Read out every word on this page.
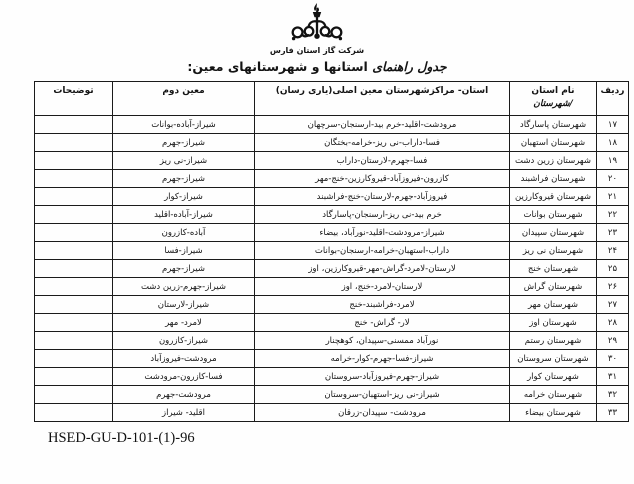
شرکت گاز استان فارس
جدول راهنمای استانها و شهرستانهای معین:
ردیف	نام استان
/شهرستان	استان- مراکزشهرستان معین اصلی(یاری رسان)	معین دوم	توضیحات
۱۷	شهرستان پاسارگاد	مرودشت-اقلید-خرم بید-ارسنجان-سرچهان	شیراز-آباده-بوانات	
۱۸	شهرستان استهبان	فسا-داراب-نی ریز-خرامه-بختگان	شیراز-جهرم	
۱۹	شهرستان زرین دشت	فسا-جهرم-لارستان-داراب	شیراز-نی ریز	
۲۰	شهرستان فراشبند	کازرون-فیروزآباد-قیروکارزین-خنج-مهر	شیراز-جهرم	
۲۱	شهرستان قیروکارزین	فیروزآباد-جهرم-لارستان-خنج-فراشبند	شیراز-کوار	
۲۲	شهرستان بوانات	خرم بید-نی ریز-ارسنجان-پاسارگاد	شیراز-آباده-اقلید	
۲۳	شهرستان سپیدان	شیراز-مرودشت-اقلید-نورآباد، بیضاء	آباده-کازرون	
۲۴	شهرستان نی ریز	داراب-استهبان-خرامه-ارسنجان-بوانات	شیراز-فسا	
۲۵	شهرستان خنج	لارستان-لامرد-گراش-مهر-قیروکارزین، اوز	شیراز-جهرم	
۲۶	شهرستان گراش	لارستان-لامرد-خنج، اوز	شیراز-جهرم-زرین دشت	
۲۷	شهرستان مهر	لامرد-فراشبند-خنج	شیراز-لارستان	
۲۸	شهرستان اوز	لار- گراش- خنج	لامرد- مهر	
۲۹	شهرستان رستم	نورآباد ممسنی-سپیدان، کوهچنار	شیراز-کازرون	
۳۰	شهرستان سروستان	شیراز-فسا-جهرم-کوار-خرامه	مرودشت-فیروزآباد	
۳۱	شهرستان کوار	شیراز-جهرم-فیروزآباد-سروستان	فسا-کازرون-مرودشت	
۳۲	شهرستان خرامه	شیراز-نی ریز-استهبان-سروستان	مرودشت-جهرم	
۳۳	شهرستان بیضاء	مرودشت- سپیدان-زرقان	اقلید- شیراز	
HSED-GU-D-101-(1)-96
